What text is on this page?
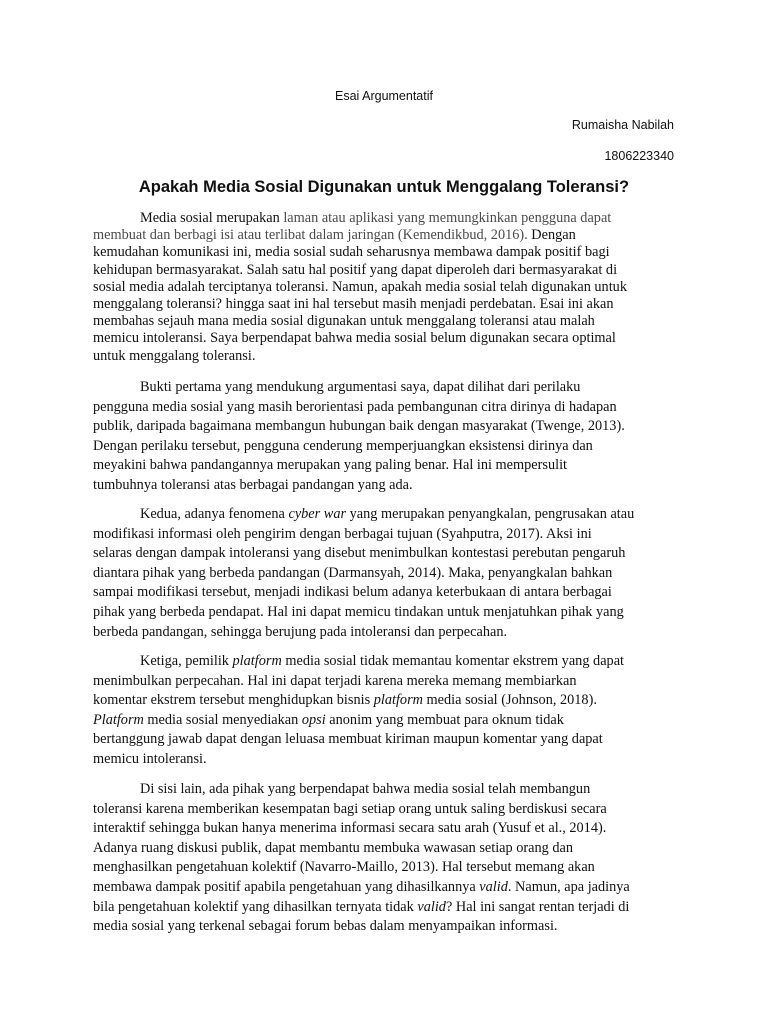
Esai Argumentatif
Rumaisha Nabilah
1806223340
Apakah Media Sosial Digunakan untuk Menggalang Toleransi?

Media sosial merupakan laman atau aplikasi yang memungkinkan pengguna dapat
membuat dan berbagi isi atau terlibat dalam jaringan (Kemendikbud, 2016). Dengan
kemudahan komunikasi ini, media sosial sudah seharusnya membawa dampak positif bagi
kehidupan bermasyarakat. Salah satu hal positif yang dapat diperoleh dari bermasyarakat di
sosial media adalah terciptanya toleransi. Namun, apakah media sosial telah digunakan untuk
menggalang toleransi? hingga saat ini hal tersebut masih menjadi perdebatan. Esai ini akan
membahas sejauh mana media sosial digunakan untuk menggalang toleransi atau malah
memicu intoleransi. Saya berpendapat bahwa media sosial belum digunakan secara optimal
untuk menggalang toleransi.

Bukti pertama yang mendukung argumentasi saya, dapat dilihat dari perilaku
pengguna media sosial yang masih berorientasi pada pembangunan citra dirinya di hadapan
publik, daripada bagaimana membangun hubungan baik dengan masyarakat (Twenge, 2013).
Dengan perilaku tersebut, pengguna cenderung memperjuangkan eksistensi dirinya dan
meyakini bahwa pandangannya merupakan yang paling benar. Hal ini mempersulit
tumbuhnya toleransi atas berbagai pandangan yang ada.

Kedua, adanya fenomena cyber war yang merupakan penyangkalan, pengrusakan atau
modifikasi informasi oleh pengirim dengan berbagai tujuan (Syahputra, 2017). Aksi ini
selaras dengan dampak intoleransi yang disebut menimbulkan kontestasi perebutan pengaruh
diantara pihak yang berbeda pandangan (Darmansyah, 2014). Maka, penyangkalan bahkan
sampai modifikasi tersebut, menjadi indikasi belum adanya keterbukaan di antara berbagai
pihak yang berbeda pendapat. Hal ini dapat memicu tindakan untuk menjatuhkan pihak yang
berbeda pandangan, sehingga berujung pada intoleransi dan perpecahan.

Ketiga, pemilik platform media sosial tidak memantau komentar ekstrem yang dapat
menimbulkan perpecahan. Hal ini dapat terjadi karena mereka memang membiarkan
komentar ekstrem tersebut menghidupkan bisnis platform media sosial (Johnson, 2018).
Platform media sosial menyediakan opsi anonim yang membuat para oknum tidak
bertanggung jawab dapat dengan leluasa membuat kiriman maupun komentar yang dapat
memicu intoleransi.

Di sisi lain, ada pihak yang berpendapat bahwa media sosial telah membangun
toleransi karena memberikan kesempatan bagi setiap orang untuk saling berdiskusi secara
interaktif sehingga bukan hanya menerima informasi secara satu arah (Yusuf et al., 2014).
Adanya ruang diskusi publik, dapat membantu membuka wawasan setiap orang dan
menghasilkan pengetahuan kolektif (Navarro-Maillo, 2013). Hal tersebut memang akan
membawa dampak positif apabila pengetahuan yang dihasilkannya valid. Namun, apa jadinya
bila pengetahuan kolektif yang dihasilkan ternyata tidak valid? Hal ini sangat rentan terjadi di
media sosial yang terkenal sebagai forum bebas dalam menyampaikan informasi.
